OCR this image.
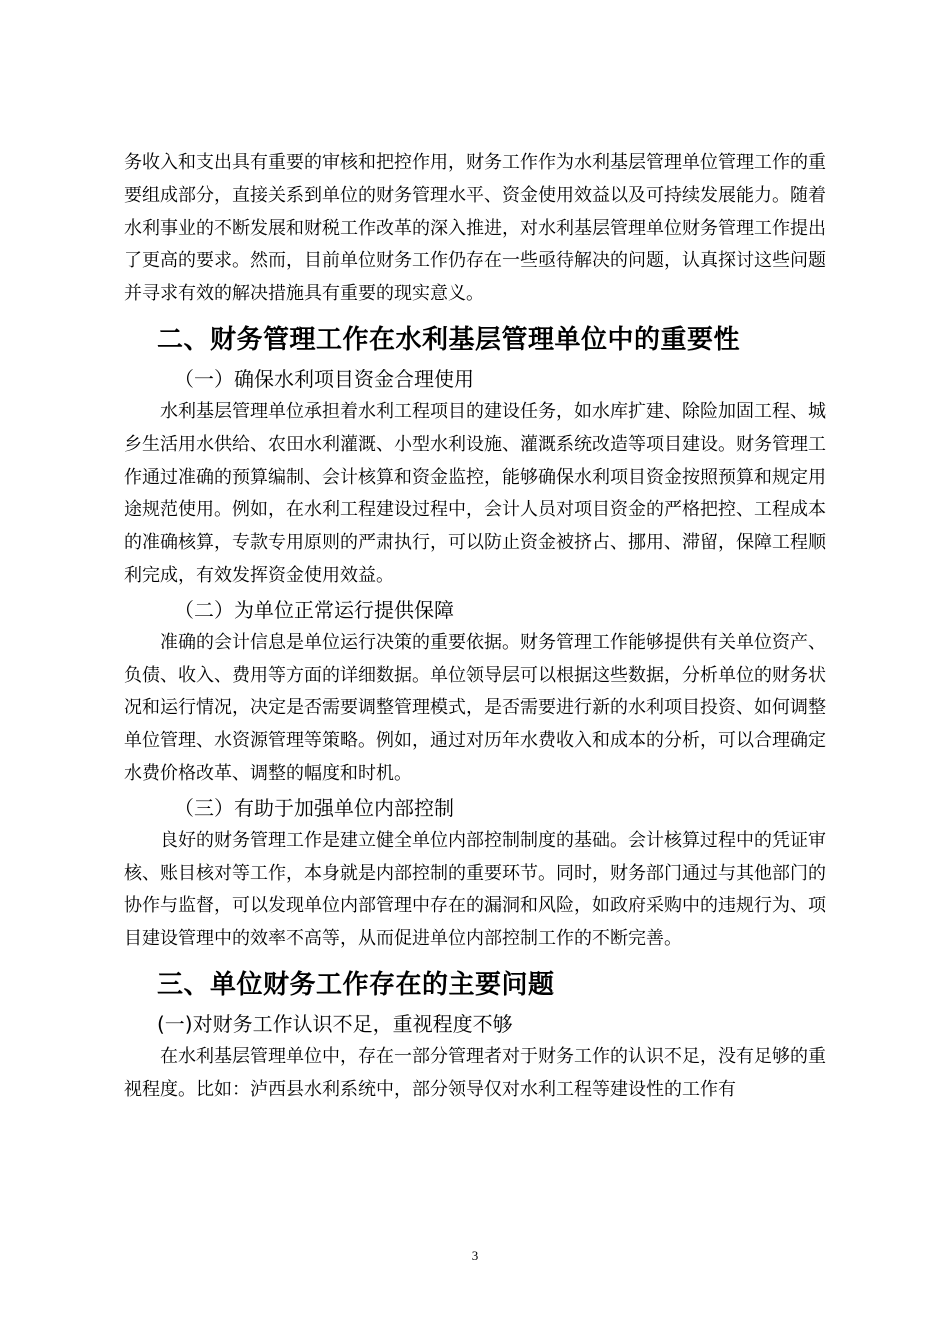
务收入和支出具有重要的审核和把控作用，财务工作作为水利基层管理单位管理工作的重要组成部分，直接关系到单位的财务管理水平、资金使用效益以及可持续发展能力。随着水利事业的不断发展和财税工作改革的深入推进，对水利基层管理单位财务管理工作提出了更高的要求。然而，目前单位财务工作仍存在一些亟待解决的问题，认真探讨这些问题并寻求有效的解决措施具有重要的现实意义。

二、财务管理工作在水利基层管理单位中的重要性
（一）确保水利项目资金合理使用

水利基层管理单位承担着水利工程项目的建设任务，如水库扩建、除险加固工程、城乡生活用水供给、农田水利灌溉、小型水利设施、灌溉系统改造等项目建设。财务管理工作通过准确的预算编制、会计核算和资金监控，能够确保水利项目资金按照预算和规定用途规范使用。例如，在水利工程建设过程中，会计人员对项目资金的严格把控、工程成本的准确核算，专款专用原则的严肃执行，可以防止资金被挤占、挪用、滞留，保障工程顺利完成，有效发挥资金使用效益。

（二）为单位正常运行提供保障

准确的会计信息是单位运行决策的重要依据。财务管理工作能够提供有关单位资产、负债、收入、费用等方面的详细数据。单位领导层可以根据这些数据，分析单位的财务状况和运行情况，决定是否需要调整管理模式，是否需要进行新的水利项目投资、如何调整单位管理、水资源管理等策略。例如，通过对历年水费收入和成本的分析，可以合理确定水费价格改革、调整的幅度和时机。

（三）有助于加强单位内部控制

良好的财务管理工作是建立健全单位内部控制制度的基础。会计核算过程中的凭证审核、账目核对等工作，本身就是内部控制的重要环节。同时，财务部门通过与其他部门的协作与监督，可以发现单位内部管理中存在的漏洞和风险，如政府采购中的违规行为、项目建设管理中的效率不高等，从而促进单位内部控制工作的不断完善。

三、单位财务工作存在的主要问题
(一)对财务工作认识不足，重视程度不够

在水利基层管理单位中，存在一部分管理者对于财务工作的认识不足，没有足够的重视程度。比如：泸西县水利系统中，部分领导仅对水利工程等建设性的工作有

3
